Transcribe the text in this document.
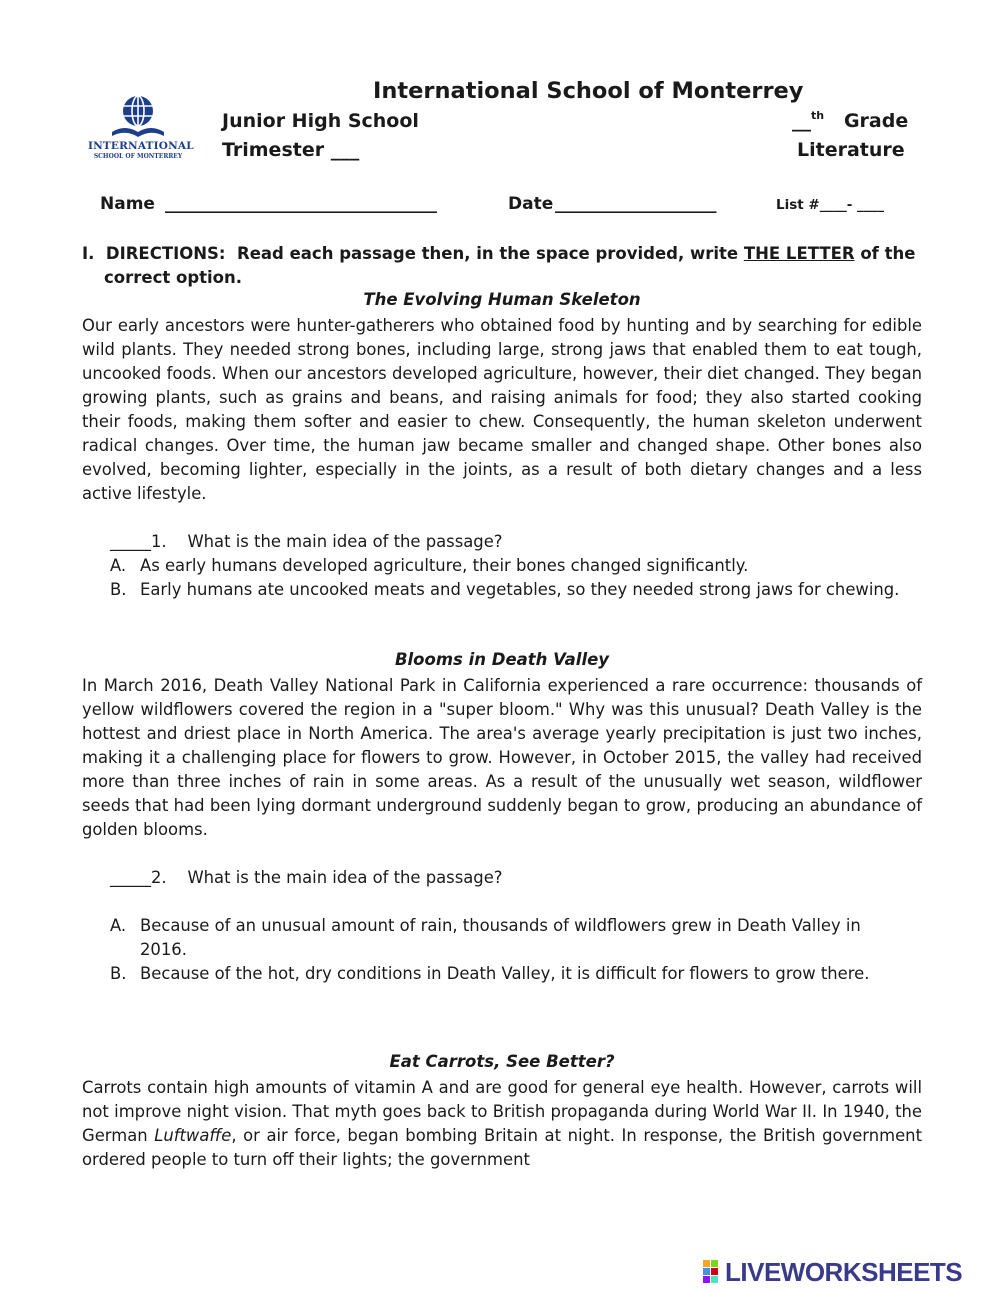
INTERNATIONAL
SCHOOL OF MONTERREY
International School of Monterrey
Junior High School
Trimester ___
__$^{th}$ Grade
Literature
Name ________________________________	Date ___________________	List #____- ____
I.  DIRECTIONS:  Read each passage then, in the space provided, write THE LETTER of the
correct option.
The Evolving Human Skeleton
Our early ancestors were hunter-gatherers who obtained food by hunting and by searching for edible wild plants. They needed strong bones, including large, strong jaws that enabled them to eat tough, uncooked foods. When our ancestors developed agriculture, however, their diet changed. They began growing plants, such as grains and beans, and raising animals for food; they also started cooking their foods, making them softer and easier to chew. Consequently, the human skeleton underwent radical changes. Over time, the human jaw became smaller and changed shape. Other bones also evolved, becoming lighter, especially in the joints, as a result of both dietary changes and a less active lifestyle.
_____1.    What is the main idea of the passage?
A. As early humans developed agriculture, their bones changed significantly.
B. Early humans ate uncooked meats and vegetables, so they needed strong jaws for chewing.
Blooms in Death Valley
In March 2016, Death Valley National Park in California experienced a rare occurrence: thousands of yellow wildflowers covered the region in a "super bloom." Why was this unusual? Death Valley is the hottest and driest place in North America. The area's average yearly precipitation is just two inches, making it a challenging place for flowers to grow. However, in October 2015, the valley had received more than three inches of rain in some areas. As a result of the unusually wet season, wildflower seeds that had been lying dormant underground suddenly began to grow, producing an abundance of golden blooms.
_____2.    What is the main idea of the passage?
A. Because of an unusual amount of rain, thousands of wildflowers grew in Death Valley in 2016.
B. Because of the hot, dry conditions in Death Valley, it is difficult for flowers to grow there.
Eat Carrots, See Better?
Carrots contain high amounts of vitamin A and are good for general eye health. However, carrots will not improve night vision. That myth goes back to British propaganda during World War II. In 1940, the German Luftwaffe, or air force, began bombing Britain at night. In response, the British government ordered people to turn off their lights; the government
LIVEWORKSHEETS
